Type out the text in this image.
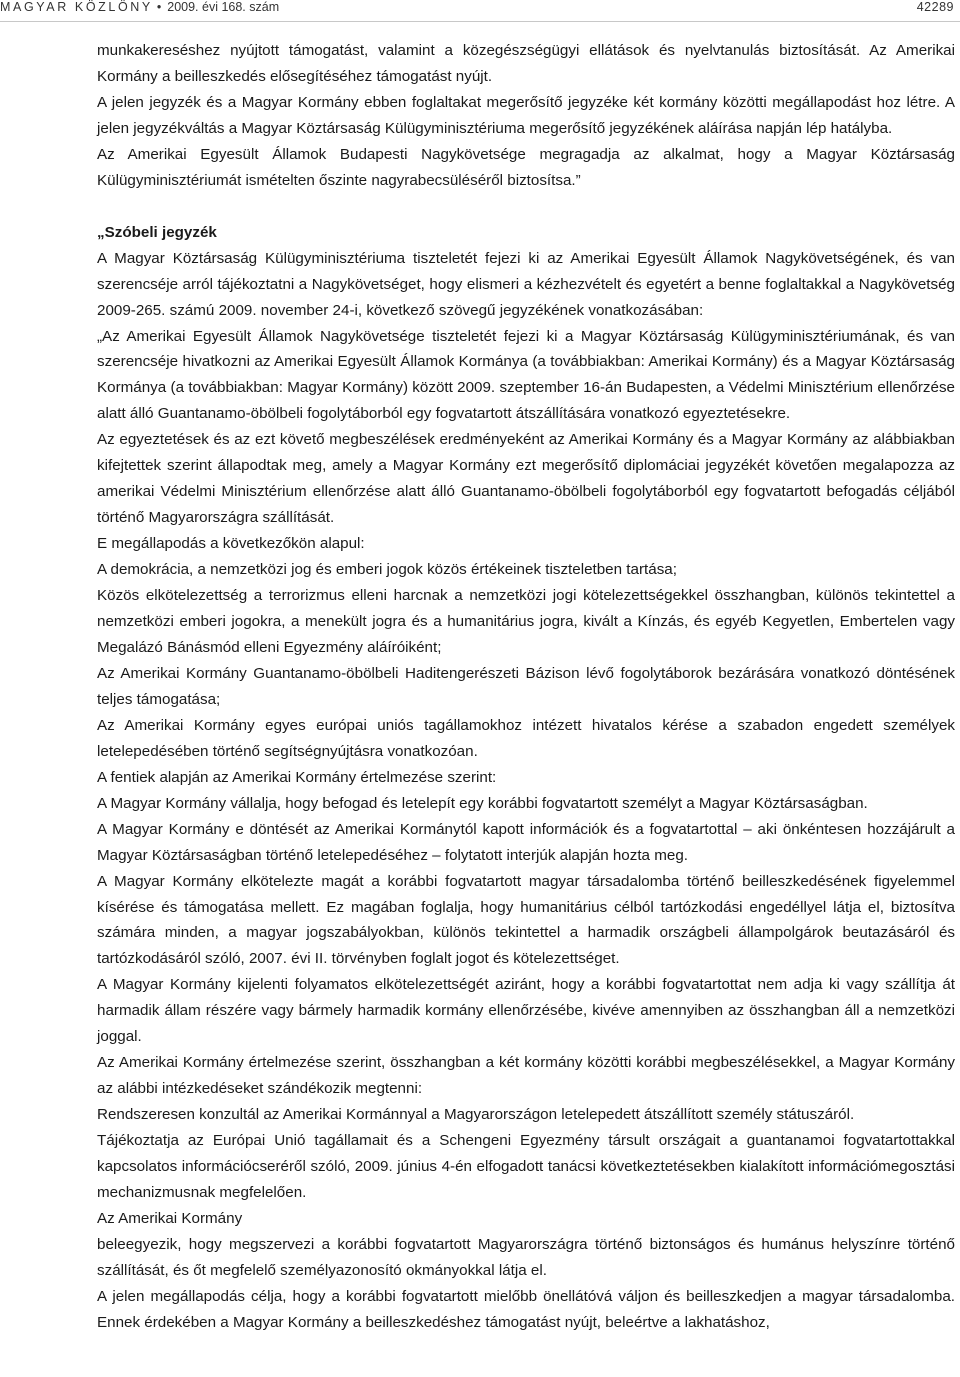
MAGYAR KÖZLÖNY • 2009. évi 168. szám	42289

munkakereséshez nyújtott támogatást, valamint a közegészségügyi ellátások és nyelvtanulás biztosítását. Az Amerikai Kormány a beilleszkedés elősegítéséhez támogatást nyújt.

A jelen jegyzék és a Magyar Kormány ebben foglaltakat megerősítő jegyzéke két kormány közötti megállapodást hoz létre. A jelen jegyzékváltás a Magyar Köztársaság Külügyminisztériuma megerősítő jegyzékének aláírása napján lép hatályba.

Az Amerikai Egyesült Államok Budapesti Nagykövetsége megragadja az alkalmat, hogy a Magyar Köztársaság Külügyminisztériumát ismételten őszinte nagyrabecsüléséről biztosítsa.”

„Szóbeli jegyzék

A Magyar Köztársaság Külügyminisztériuma tiszteletét fejezi ki az Amerikai Egyesült Államok Nagykövetségének, és van szerencséje arról tájékoztatni a Nagykövetséget, hogy elismeri a kézhezvételt és egyetért a benne foglaltakkal a Nagykövetség 2009-265. számú 2009. november 24-i, következő szövegű jegyzékének vonatkozásában:

„Az Amerikai Egyesült Államok Nagykövetsége tiszteletét fejezi ki a Magyar Köztársaság Külügyminisztériumának, és van szerencséje hivatkozni az Amerikai Egyesült Államok Kormánya (a továbbiakban: Amerikai Kormány) és a Magyar Köztársaság Kormánya (a továbbiakban: Magyar Kormány) között 2009. szeptember 16-án Budapesten, a Védelmi Minisztérium ellenőrzése alatt álló Guantanamo-öbölbeli fogolytáborból egy fogvatartott átszállítására vonatkozó egyeztetésekre.

Az egyeztetések és az ezt követő megbeszélések eredményeként az Amerikai Kormány és a Magyar Kormány az alábbiakban kifejtettek szerint állapodtak meg, amely a Magyar Kormány ezt megerősítő diplomáciai jegyzékét követően megalapozza az amerikai Védelmi Minisztérium ellenőrzése alatt álló Guantanamo-öbölbeli fogolytáborból egy fogvatartott befogadás céljából történő Magyarországra szállítását.

E megállapodás a következőkön alapul:

A demokrácia, a nemzetközi jog és emberi jogok közös értékeinek tiszteletben tartása;

Közös elkötelezettség a terrorizmus elleni harcnak a nemzetközi jogi kötelezettségekkel összhangban, különös tekintettel a nemzetközi emberi jogokra, a menekült jogra és a humanitárius jogra, kivált a Kínzás, és egyéb Kegyetlen, Embertelen vagy Megalázó Bánásmód elleni Egyezmény aláíróiként;

Az Amerikai Kormány Guantanamo-öbölbeli Haditengerészeti Bázison lévő fogolytáborok bezárására vonatkozó döntésének teljes támogatása;

Az Amerikai Kormány egyes európai uniós tagállamokhoz intézett hivatalos kérése a szabadon engedett személyek letelepedésében történő segítségnyújtásra vonatkozóan.

A fentiek alapján az Amerikai Kormány értelmezése szerint:

A Magyar Kormány vállalja, hogy befogad és letelepít egy korábbi fogvatartott személyt a Magyar Köztársaságban.

A Magyar Kormány e döntését az Amerikai Kormánytól kapott információk és a fogvatartottal – aki önkéntesen hozzájárult a Magyar Köztársaságban történő letelepedéséhez – folytatott interjúk alapján hozta meg.

A Magyar Kormány elkötelezte magát a korábbi fogvatartott magyar társadalomba történő beilleszkedésének figyelemmel kísérése és támogatása mellett. Ez magában foglalja, hogy humanitárius célból tartózkodási engedéllyel látja el, biztosítva számára minden, a magyar jogszabályokban, különös tekintettel a harmadik országbeli állampolgárok beutazásáról és tartózkodásáról szóló, 2007. évi II. törvényben foglalt jogot és kötelezettséget.

A Magyar Kormány kijelenti folyamatos elkötelezettségét aziránt, hogy a korábbi fogvatartottat nem adja ki vagy szállítja át harmadik állam részére vagy bármely harmadik kormány ellenőrzésébe, kivéve amennyiben az összhangban áll a nemzetközi joggal.

Az Amerikai Kormány értelmezése szerint, összhangban a két kormány közötti korábbi megbeszélésekkel, a Magyar Kormány az alábbi intézkedéseket szándékozik megtenni:

Rendszeresen konzultál az Amerikai Kormánnyal a Magyarországon letelepedett átszállított személy státuszáról.

Tájékoztatja az Európai Unió tagállamait és a Schengeni Egyezmény társult országait a guantanamoi fogvatartottakkal kapcsolatos információcseréről szóló, 2009. június 4-én elfogadott tanácsi következtetésekben kialakított információmegosztási mechanizmusnak megfelelően.

Az Amerikai Kormány

beleegyezik, hogy megszervezi a korábbi fogvatartott Magyarországra történő biztonságos és humánus helyszínre történő szállítását, és őt megfelelő személyazonosító okmányokkal látja el.

A jelen megállapodás célja, hogy a korábbi fogvatartott mielőbb önellátóvá váljon és beilleszkedjen a magyar társadalomba. Ennek érdekében a Magyar Kormány a beilleszkedéshez támogatást nyújt, beleértve a lakhatáshoz,
